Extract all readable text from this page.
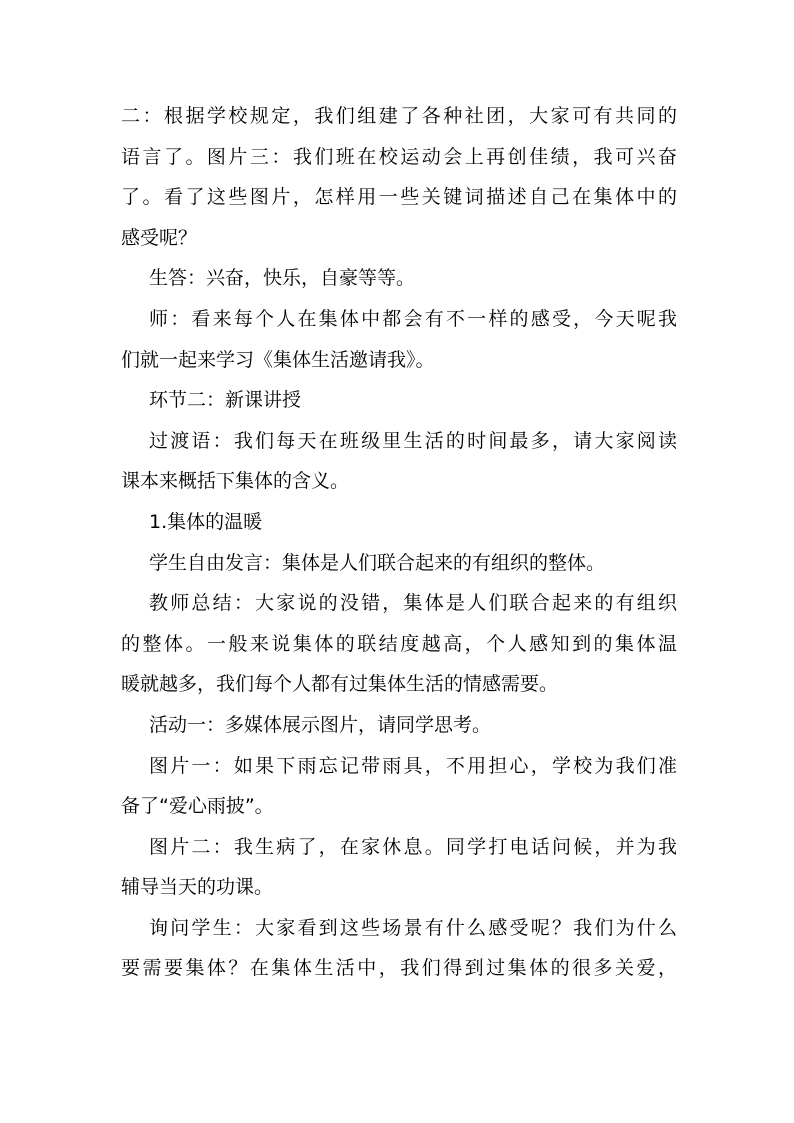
二：根据学校规定，我们组建了各种社团，大家可有共同的
语言了。图片三：我们班在校运动会上再创佳绩，我可兴奋
了。看了这些图片，怎样用一些关键词描述自己在集体中的
感受呢？
生答：兴奋，快乐，自豪等等。
师：看来每个人在集体中都会有不一样的感受，今天呢我
们就一起来学习《集体生活邀请我》。
环节二：新课讲授
过渡语：我们每天在班级里生活的时间最多，请大家阅读
课本来概括下集体的含义。
1.集体的温暖
学生自由发言：集体是人们联合起来的有组织的整体。
教师总结：大家说的没错，集体是人们联合起来的有组织
的整体。一般来说集体的联结度越高，个人感知到的集体温
暖就越多，我们每个人都有过集体生活的情感需要。
活动一：多媒体展示图片，请同学思考。
图片一：如果下雨忘记带雨具，不用担心，学校为我们准
备了“爱心雨披”。
图片二：我生病了，在家休息。同学打电话问候，并为我
辅导当天的功课。
询问学生：大家看到这些场景有什么感受呢？我们为什么
要需要集体？在集体生活中，我们得到过集体的很多关爱，
